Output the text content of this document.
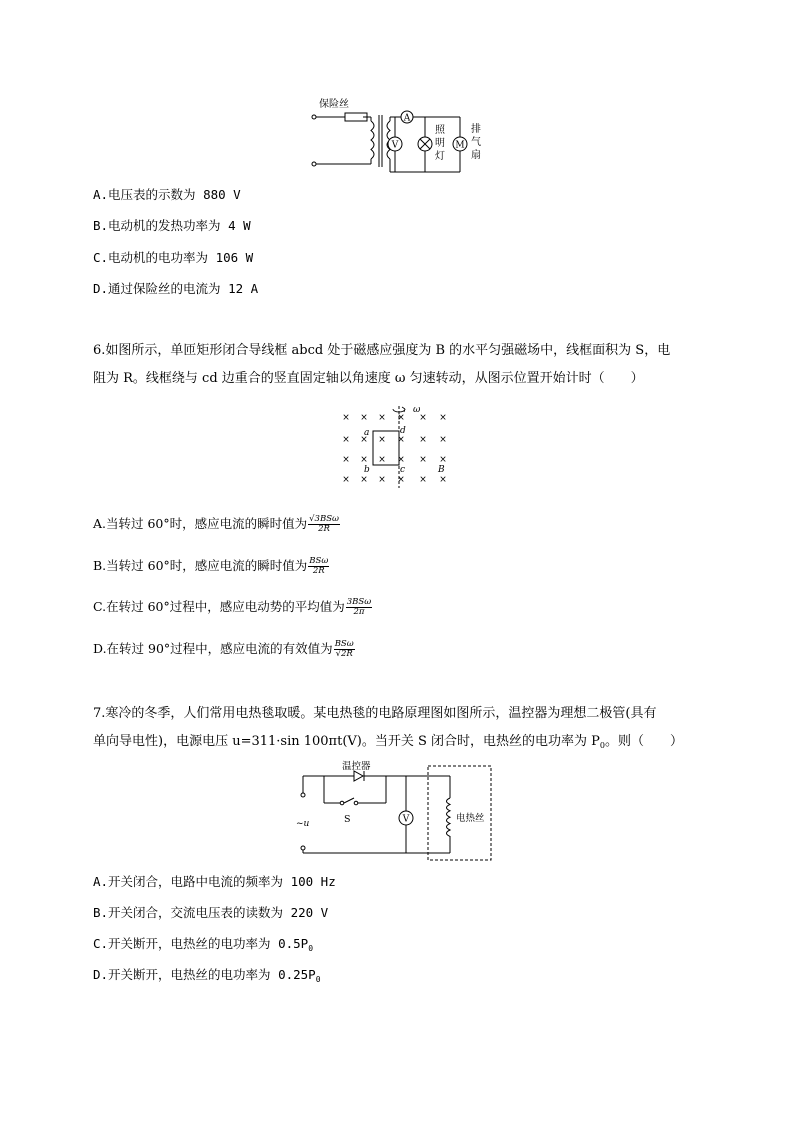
A
V	M
保险丝
照
明
灯
排
气
扇
A.电压表的示数为 880 V
B.电动机的发热功率为 4 W
C.电动机的电功率为 106 W
D.通过保险丝的电流为 12 A
6.如图所示，单匝矩形闭合导线框 abcd 处于磁感应强度为 B 的水平匀强磁场中，线框面积为 S，电
阻为 R。线框绕与 cd 边重合的竖直固定轴以角速度 ω 匀速转动，从图示位置开始计时（　　）
× × × × × ×
× × × × × ×
× × × × × ×
× × × × × ×
ω
a
b	c
d
B
A.当转过 60°时，感应电流的瞬时值为 $\frac{\text{√3BSω}}{2R}$
B.当转过 60°时，感应电流的瞬时值为 $\frac{\text{BSω}}{2R}$
C.在转过 60°过程中，感应电动势的平均值为 $\frac{\text{3BSω}}{2\pi}$
D.在转过 90°过程中，感应电流的有效值为 $\frac{\text{BSω}}{√2R}$
7.寒冷的冬季，人们常用电热毯取暖。某电热毯的电路原理图如图所示，温控器为理想二极管(具有
单向导电性)，电源电压 u=311·sin 100πt(V)。当开关 S 闭合时，电热丝的电功率为 $P_0$。则（　　）
V
温控器
S
~u	电热丝
A.开关闭合，电路中电流的频率为 100 Hz
B.开关闭合，交流电压表的读数为 220 V
C.开关断开，电热丝的电功率为 $0.5P_0$
D.开关断开，电热丝的电功率为 $0.25P_0$
